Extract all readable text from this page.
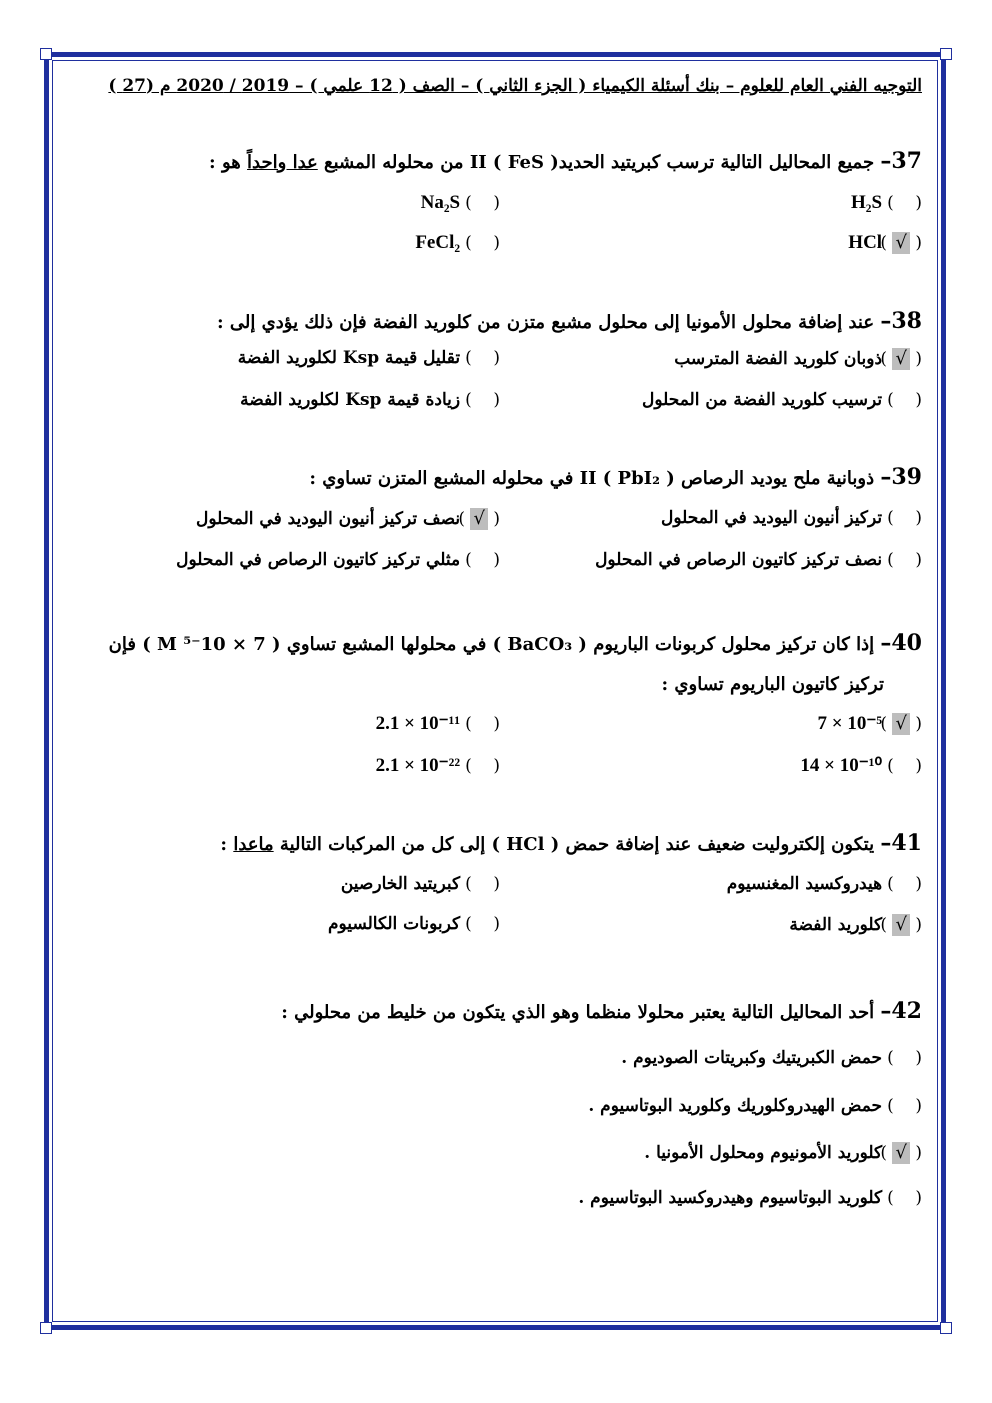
التوجيه الفني العام للعلوم – بنك أسئلة الكيمياء ( الجزء الثاني ) – الصف ( 12 علمي ) – 2019 / 2020 م (27 )
37– جميع المحاليل التالية ترسب كبريتيد الحديدII ( FeS ) من محلوله المشبع عدا واحداً هو :
(    ) H₂S
(    ) Na₂S
( √ ) HCl
(    ) FeCl₂
38– عند إضافة محلول الأمونيا إلى محلول مشبع متزن من كلوريد الفضة فإن ذلك يؤدي إلى :
( √ ) ذوبان كلوريد الفضة المترسب
(    ) تقليل قيمة Ksp لكلوريد الفضة
(    ) ترسيب كلوريد الفضة من المحلول
(    ) زيادة قيمة Ksp لكلوريد الفضة
39– ذوبانية ملح يوديد الرصاص II ( PbI₂ ) في محلوله المشبع المتزن تساوي :
(    ) تركيز أنيون اليوديد في المحلول
( √ ) نصف تركيز أنيون اليوديد في المحلول
(    ) نصف تركيز كاتيون الرصاص في المحلول
(    ) مثلي تركيز كاتيون الرصاص في المحلول
40– إذا كان تركيز محلول كربونات الباريوم ( BaCO₃ ) في محلولها المشبع تساوي ( M ⁵⁻10 × 7 ) فإن
تركيز كاتيون الباريوم تساوي :
( √ ) 7 × 10⁻⁵
(    ) 2.1 × 10⁻¹¹
(    ) 14 × 10⁻¹⁰
(    ) 2.1 × 10⁻²²
41– يتكون إلكتروليت ضعيف عند إضافة حمض ( HCl ) إلى كل من المركبات التالية ماعدا :
(    ) هيدروكسيد المغنسيوم
(    ) كبريتيد الخارصين
( √ ) كلوريد الفضة
(    ) كربونات الكالسيوم
42– أحد المحاليل التالية يعتبر محلولا منظما وهو الذي يتكون من خليط من محلولي :
(    ) حمض الكبريتيك وكبريتات الصوديوم .
(    ) حمض الهيدروكلوريك وكلوريد البوتاسيوم .
( √ ) كلوريد الأمونيوم ومحلول الأمونيا .
(    ) كلوريد البوتاسيوم وهيدروكسيد البوتاسيوم .
